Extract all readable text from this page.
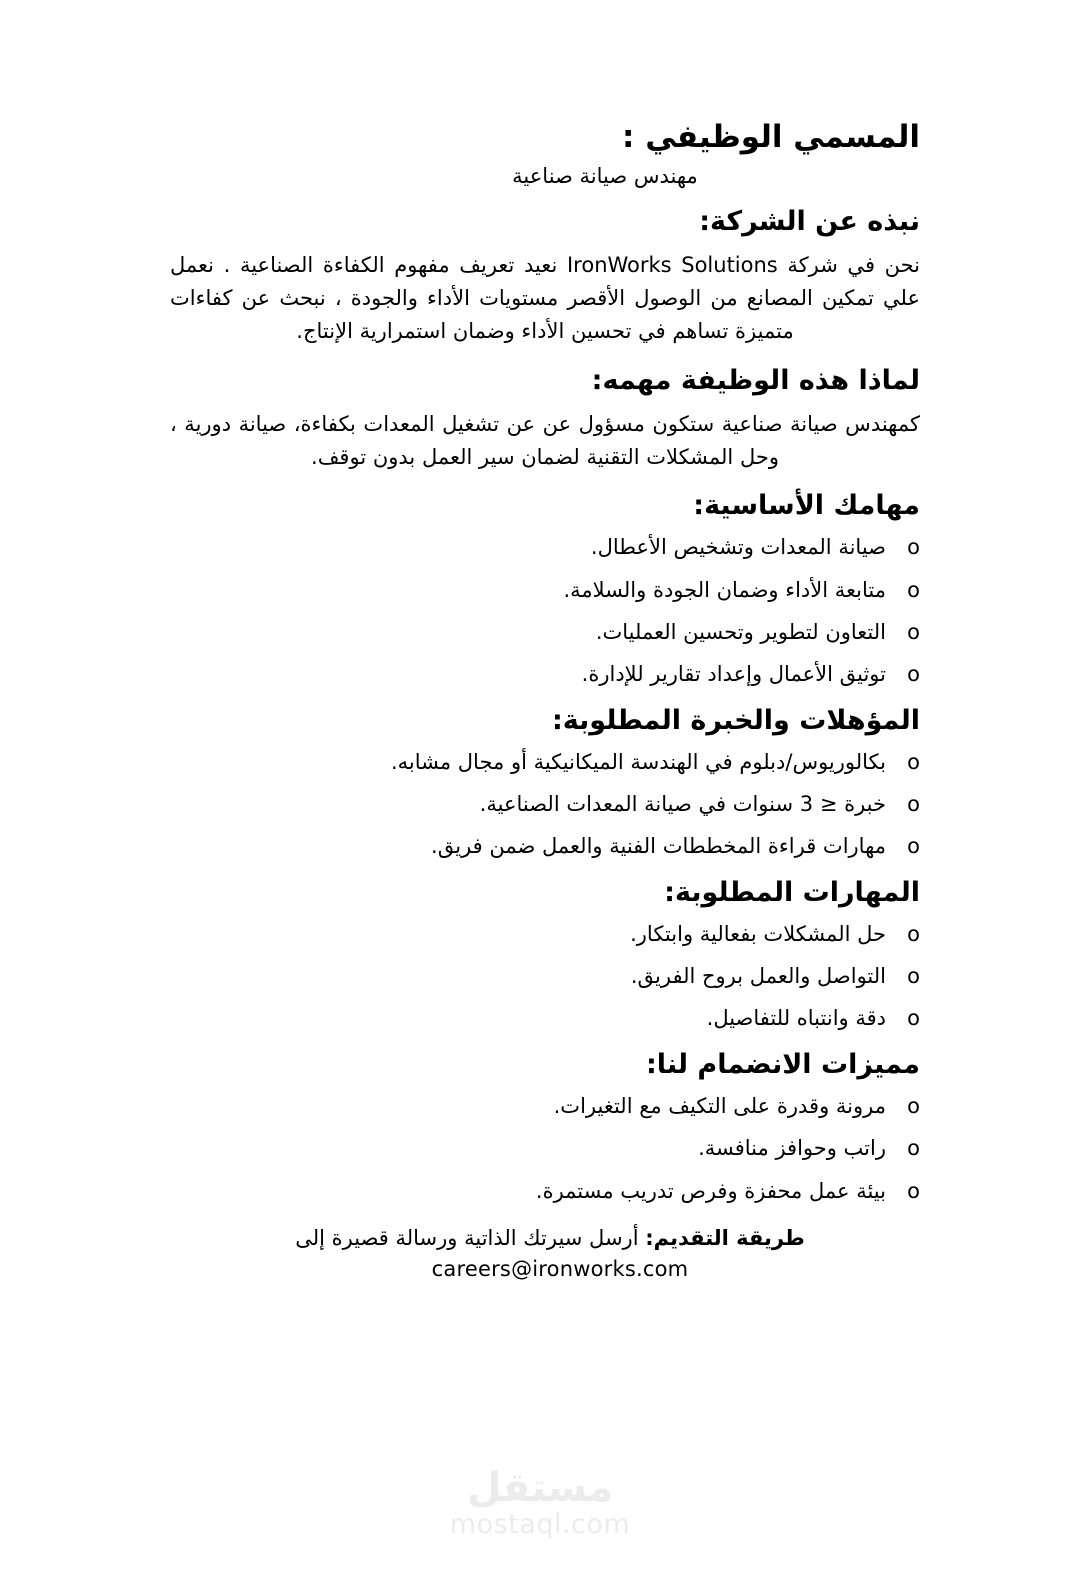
المسمي الوظيفي :
مهندس صيانة صناعية
نبذه عن الشركة:

نحن في شركة IronWorks Solutions نعيد تعريف مفهوم الكفاءة الصناعية . نعمل علي تمكين المصانع من الوصول الأقصر مستويات الأداء والجودة ، نبحث عن كفاءات متميزة تساهم في تحسين الأداء وضمان استمرارية الإنتاج.

لماذا هذه الوظيفة مهمه:

كمهندس صيانة صناعية ستكون مسؤول عن عن تشغيل المعدات بكفاءة، صيانة دورية ، وحل المشكلات التقنية لضمان سير العمل بدون توقف.

مهامك الأساسية:
o
صيانة المعدات وتشخيص الأعطال.
o
متابعة الأداء وضمان الجودة والسلامة.
o
التعاون لتطوير وتحسين العمليات.
o
توثيق الأعمال وإعداد تقارير للإدارة.
المؤهلات والخبرة المطلوبة:
o
بكالوريوس/دبلوم في الهندسة الميكانيكية أو مجال مشابه.
o
خبرة ≤ 3 سنوات في صيانة المعدات الصناعية.
o
مهارات قراءة المخططات الفنية والعمل ضمن فريق.
المهارات المطلوبة:
o
حل المشكلات بفعالية وابتكار.
o
التواصل والعمل بروح الفريق.
o
دقة وانتباه للتفاصيل.
مميزات الانضمام لنا:
o
مرونة وقدرة على التكيف مع التغيرات.
o
راتب وحوافز منافسة.
o
بيئة عمل محفزة وفرص تدريب مستمرة.
طريقة التقديم: أرسل سيرتك الذاتية ورسالة قصيرة إلى
careers@ironworks.com
مستقل
mostaql.com
